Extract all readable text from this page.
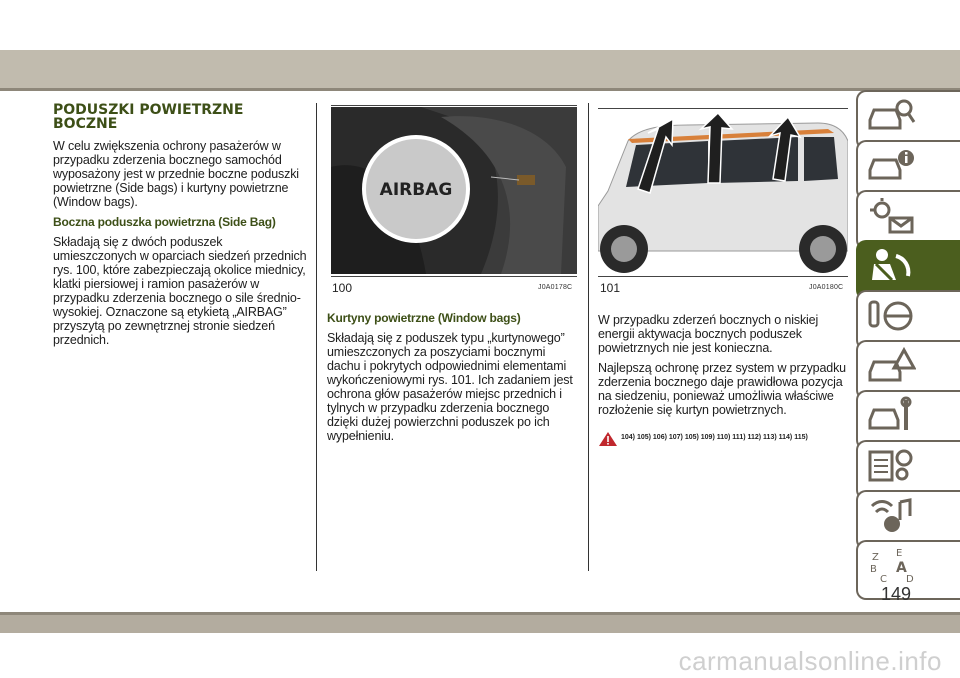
PODUSZKI POWIETRZNE BOCZNE

W celu zwiększenia ochrony pasażerów w przypadku zderzenia bocznego samochód wyposażony jest w przednie boczne poduszki powietrzne (Side bags) i kurtyny powietrzne (Window bags).

Boczna poduszka powietrzna (Side Bag)

Składają się z dwóch poduszek umieszczonych w oparciach siedzeń przednich rys. 100, które zabezpieczają okolice miednicy, klatki piersiowej i ramion pasażerów w przypadku zderzenia bocznego o sile średnio-wysokiej. Oznaczone są etykietą „AIRBAG” przyszytą po zewnętrznej stronie siedzeń przednich.

AIRBAG
100	J0A0178C
Kurtyny powietrzne (Window bags)

Składają się z poduszek typu „kurtynowego” umieszczonych za poszyciami bocznymi dachu i pokrytych odpowiednimi elementami wykończeniowymi rys. 101. Ich zadaniem jest ochrona głów pasażerów miejsc przednich i tylnych w przypadku zderzenia bocznego dzięki dużej powierzchni poduszek po ich wypełnieniu.

101	J0A0180C

W przypadku zderzeń bocznych o niskiej energii aktywacja bocznych poduszek powietrznych nie jest konieczna.

Najlepszą ochronę przez system w przypadku zderzenia bocznego daje prawidłowa pozycja na siedzeniu, ponieważ umożliwia właściwe rozłożenie się kurtyn powietrznych.

104) 105) 106) 107) 105) 109) 110) 111) 112) 113) 114) 115)
Z E
B A
C D
149
carmanualsonline.info
